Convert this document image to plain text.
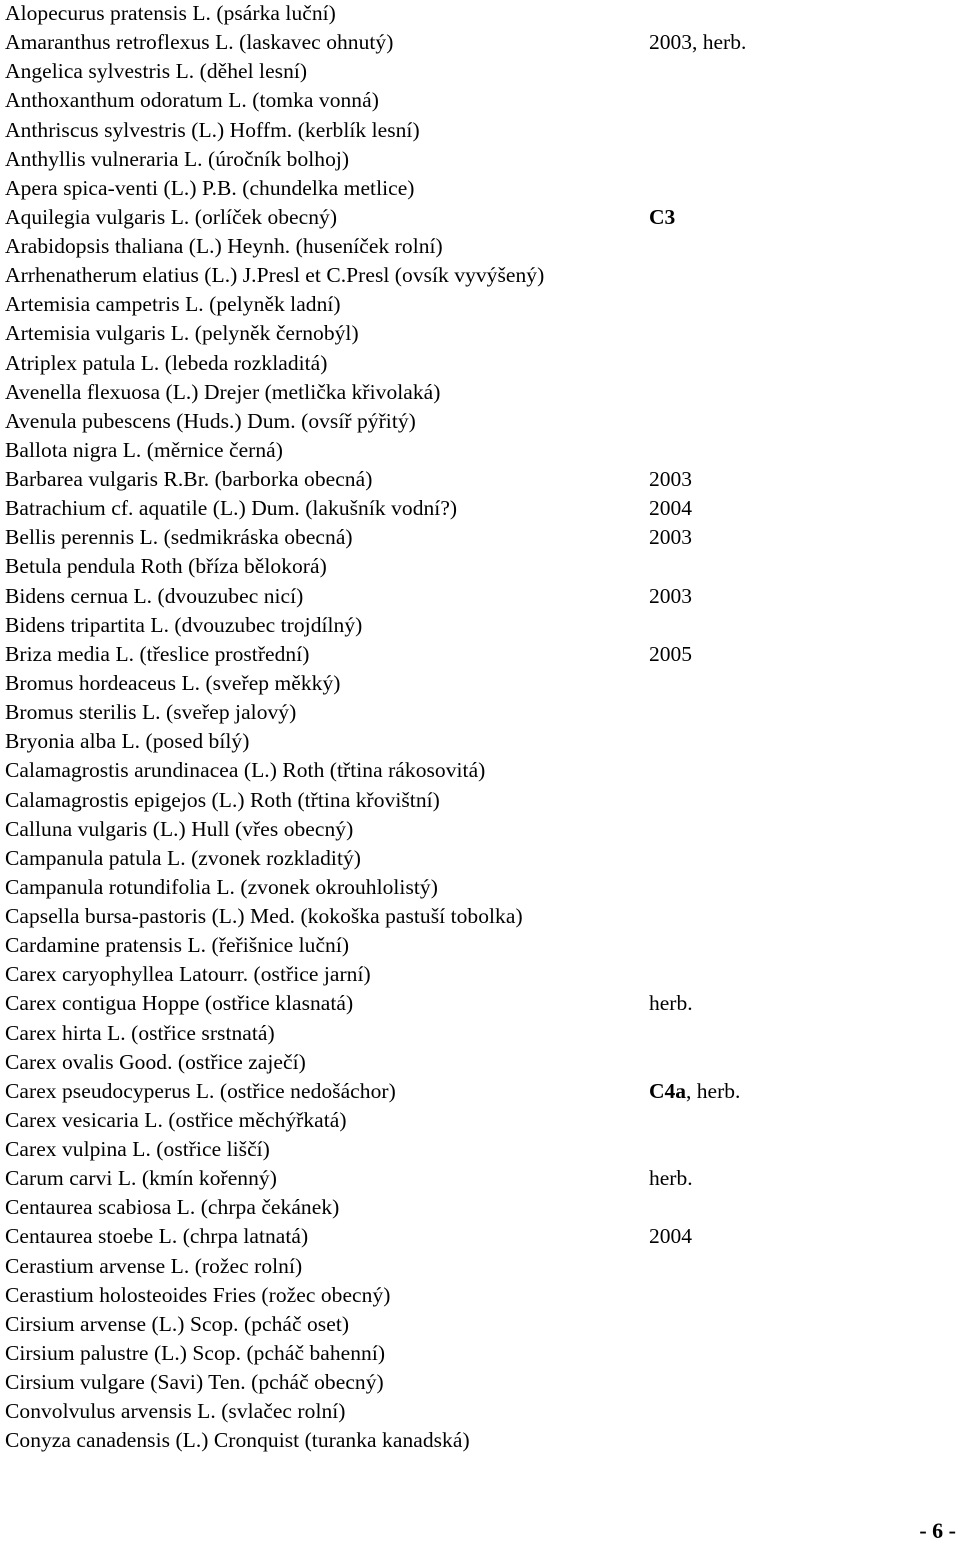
Alopecurus pratensis L. (psárka luční)
Amaranthus retroflexus L. (laskavec ohnutý)	2003, herb.
Angelica sylvestris L. (děhel lesní)
Anthoxanthum odoratum L. (tomka vonná)
Anthriscus sylvestris (L.) Hoffm. (kerblík lesní)
Anthyllis vulneraria L. (úročník bolhoj)
Apera spica-venti (L.) P.B. (chundelka metlice)
Aquilegia vulgaris L. (orlíček obecný)	C3
Arabidopsis thaliana (L.) Heynh. (huseníček rolní)
Arrhenatherum elatius (L.) J.Presl et C.Presl (ovsík vyvýšený)
Artemisia campetris L. (pelyněk ladní)
Artemisia vulgaris L. (pelyněk černobýl)
Atriplex patula L. (lebeda rozkladitá)
Avenella flexuosa (L.) Drejer (metlička křivolaká)
Avenula pubescens (Huds.) Dum. (ovsíř pýřitý)
Ballota nigra L. (měrnice černá)
Barbarea vulgaris R.Br. (barborka obecná)	2003
Batrachium cf. aquatile (L.) Dum. (lakušník vodní?)	2004
Bellis perennis L. (sedmikráska obecná)	2003
Betula pendula Roth (bříza bělokorá)
Bidens cernua L. (dvouzubec nicí)	2003
Bidens tripartita L. (dvouzubec trojdílný)
Briza media L. (třeslice prostřední)	2005
Bromus hordeaceus L. (sveřep měkký)
Bromus sterilis L. (sveřep jalový)
Bryonia alba L. (posed bílý)
Calamagrostis arundinacea (L.) Roth (třtina rákosovitá)
Calamagrostis epigejos (L.) Roth (třtina křovištní)
Calluna vulgaris (L.) Hull (vřes obecný)
Campanula patula L. (zvonek rozkladitý)
Campanula rotundifolia L. (zvonek okrouhlolistý)
Capsella bursa-pastoris (L.) Med. (kokoška pastuší tobolka)
Cardamine pratensis L. (řeřišnice luční)
Carex caryophyllea Latourr. (ostřice jarní)
Carex contigua Hoppe (ostřice klasnatá)	herb.
Carex hirta L. (ostřice srstnatá)
Carex ovalis Good. (ostřice zaječí)
Carex pseudocyperus L. (ostřice nedošáchor)	C4a, herb.
Carex vesicaria L. (ostřice měchýřkatá)
Carex vulpina L. (ostřice liščí)
Carum carvi L. (kmín kořenný)	herb.
Centaurea scabiosa L. (chrpa čekánek)
Centaurea stoebe L. (chrpa latnatá)	2004
Cerastium arvense L. (rožec rolní)
Cerastium holosteoides Fries (rožec obecný)
Cirsium arvense (L.) Scop. (pcháč oset)
Cirsium palustre (L.) Scop. (pcháč bahenní)
Cirsium vulgare (Savi) Ten. (pcháč obecný)
Convolvulus arvensis L. (svlačec rolní)
Conyza canadensis (L.) Cronquist (turanka kanadská)
- 6 -
